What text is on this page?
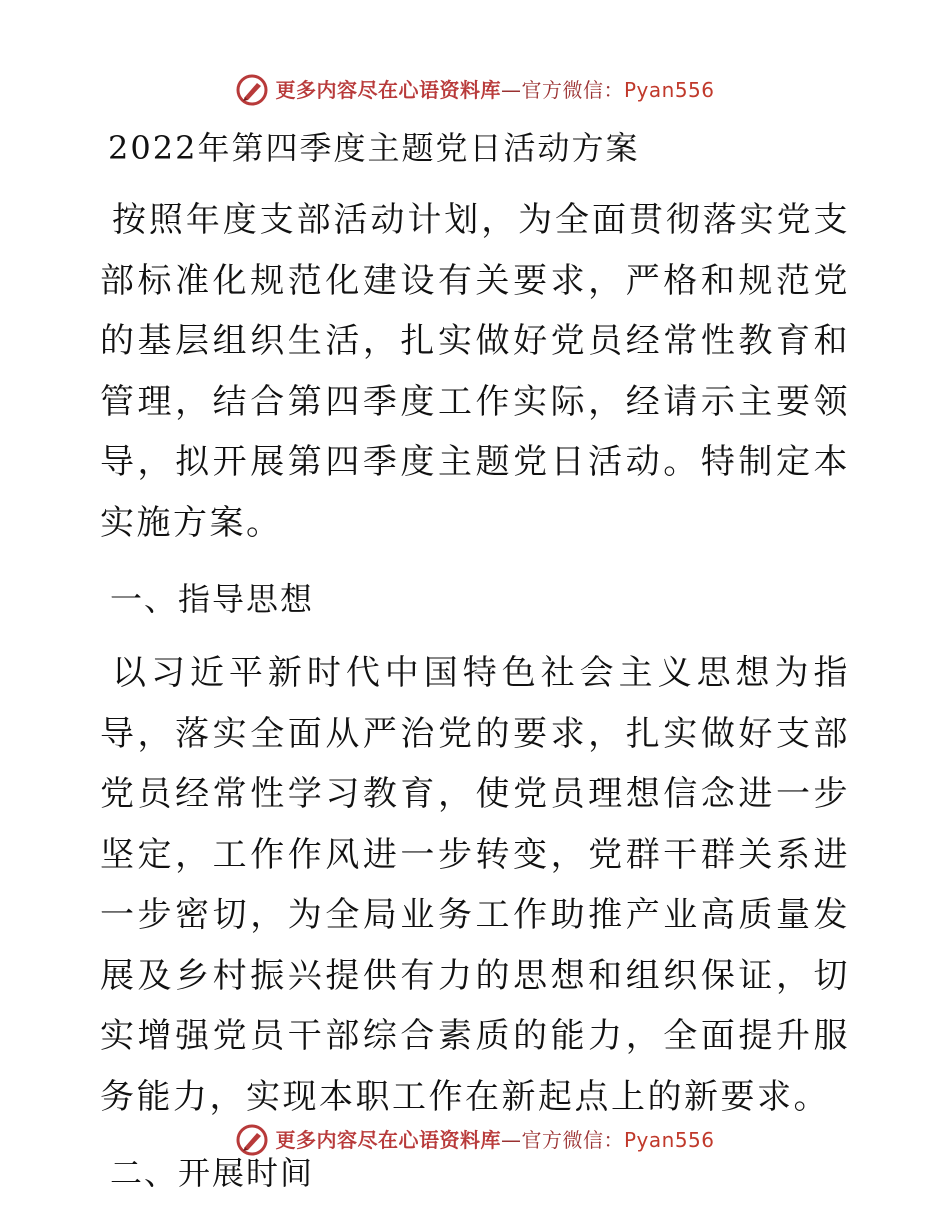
更多内容尽在心语资料库—官方微信：Pyan556
2022年第四季度主题党日活动方案

按照年度支部活动计划，为全面贯彻落实党支部标准化规范化建设有关要求，严格和规范党的基层组织生活，扎实做好党员经常性教育和管理，结合第四季度工作实际，经请示主要领导，拟开展第四季度主题党日活动。特制定本实施方案。

一、指导思想

以习近平新时代中国特色社会主义思想为指导，落实全面从严治党的要求，扎实做好支部党员经常性学习教育，使党员理想信念进一步坚定，工作作风进一步转变，党群干群关系进一步密切，为全局业务工作助推产业高质量发展及乡村振兴提供有力的思想和组织保证，切实增强党员干部综合素质的能力，全面提升服务能力，实现本职工作在新起点上的新要求。

二、开展时间
更多内容尽在心语资料库—官方微信：Pyan556
